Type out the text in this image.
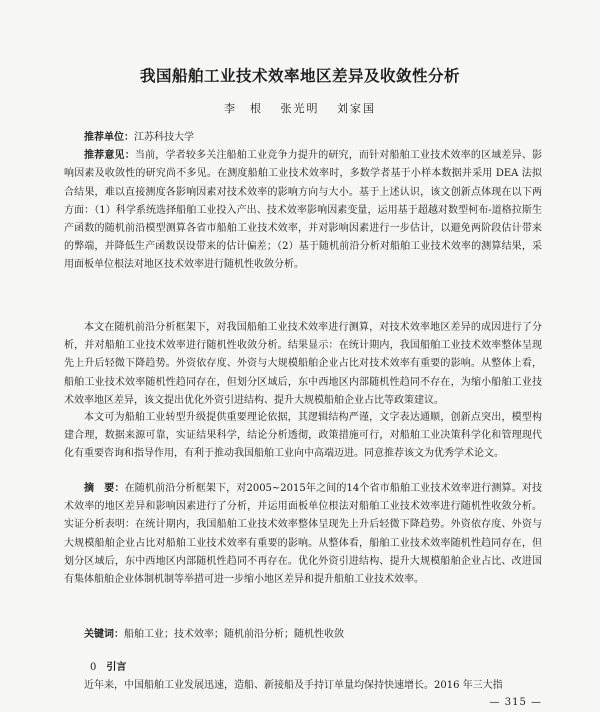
我国船舶工业技术效率地区差异及收敛性分析
李　根 张光明 刘家国

推荐单位：江苏科技大学

推荐意见：当前，学者较多关注船舶工业竞争力提升的研究，而针对船舶工业技术效率的区域差异、影响因素及收敛性的研究尚不多见。在测度船舶工业技术效率时，多数学者基于小样本数据并采用 DEA 法拟合结果，难以直接测度各影响因素对技术效率的影响方向与大小。基于上述认识，该文创新点体现在以下两方面：（1）科学系统选择船舶工业投入产出、技术效率影响因素变量，运用基于超越对数型柯布-道格拉斯生产函数的随机前沿模型测算各省市船舶工业技术效率，并对影响因素进行一步估计，以避免两阶段估计带来的弊端，并降低生产函数误设带来的估计偏差；（2）基于随机前沿分析对船舶工业技术效率的测算结果，采用面板单位根法对地区技术效率进行随机性收敛分析。

本文在随机前沿分析框架下，对我国船舶工业技术效率进行测算，对技术效率地区差异的成因进行了分析，并对船舶工业技术效率进行随机性收敛分析。结果显示：在统计期内，我国船舶工业技术效率整体呈现先上升后轻微下降趋势。外资依存度、外资与大规模船舶企业占比对技术效率有重要的影响。从整体上看，船舶工业技术效率随机性趋同存在，但划分区域后，东中西地区内部随机性趋同不存在，为缩小船舶工业技术效率地区差异，该文提出优化外资引进结构、提升大规模船舶企业占比等政策建议。

本文可为船舶工业转型升级提供重要理论依据，其逻辑结构严谨，文字表达通顺，创新点突出，模型构建合理，数据来源可靠，实证结果科学，结论分析透彻，政策措施可行，对船舶工业决策科学化和管理现代化有重要咨询和指导作用，有利于推动我国船舶工业向中高端迈进。同意推荐该文为优秀学术论文。

摘　要：在随机前沿分析框架下，对2005~2015年之间的14个省市船舶工业技术效率进行测算。对技术效率的地区差异和影响因素进行了分析，并运用面板单位根法对船舶工业技术效率进行随机性收敛分析。实证分析表明：在统计期内，我国船舶工业技术效率整体呈现先上升后轻微下降趋势。外资依存度、外资与大规模船舶企业占比对船舶工业技术效率有重要的影响。从整体看，船舶工业技术效率随机性趋同存在，但划分区域后，东中西地区内部随机性趋同不再存在。优化外资引进结构、提升大规模船舶企业占比、改进国有集体船舶企业体制机制等举措可进一步缩小地区差异和提升船舶工业技术效率。

关键词：船舶工业；技术效率；随机前沿分析；随机性收敛

0 引言

近年来，中国船舶工业发展迅速，造船、新接船及手持订单量均保持快速增长。2016 年三大指

— 315 —
